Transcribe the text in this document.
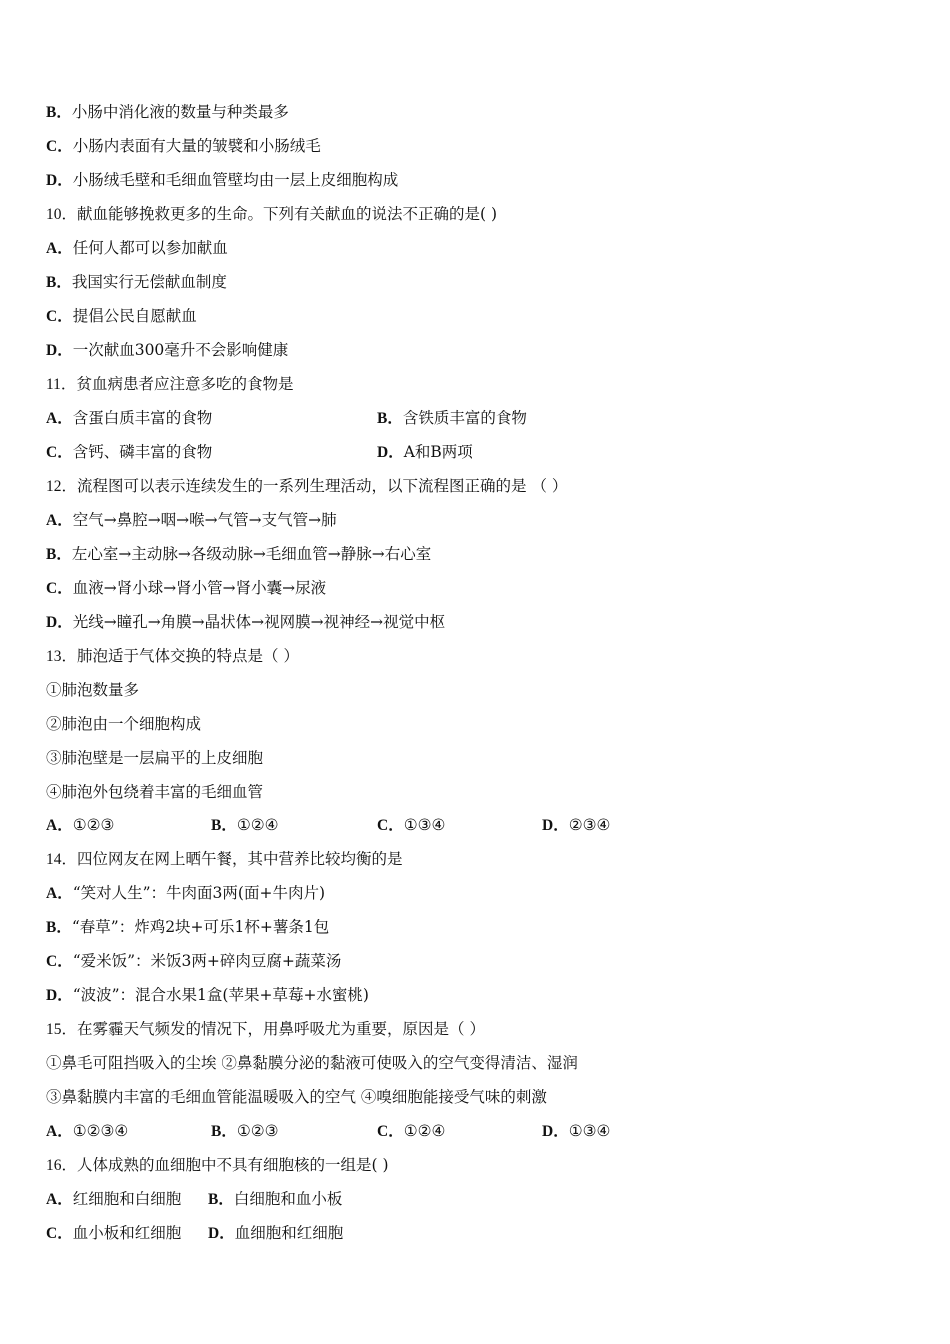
B．小肠中消化液的数量与种类最多
C．小肠内表面有大量的皱襞和小肠绒毛
D．小肠绒毛壁和毛细血管壁均由一层上皮细胞构成
10．献血能够挽救更多的生命。下列有关献血的说法不正确的是( )
A．任何人都可以参加献血
B．我国实行无偿献血制度
C．提倡公民自愿献血
D．一次献血300毫升不会影响健康
11．贫血病患者应注意多吃的食物是
A．含蛋白质丰富的食物	B．含铁质丰富的食物
C．含钙、磷丰富的食物	D．A和B两项
12．流程图可以表示连续发生的一系列生理活动，以下流程图正确的是 （ ）
A．空气→鼻腔→咽→喉→气管→支气管→肺
B．左心室→主动脉→各级动脉→毛细血管→静脉→右心室
C．血液→肾小球→肾小管→肾小囊→尿液
D．光线→瞳孔→角膜→晶状体→视网膜→视神经→视觉中枢
13．肺泡适于气体交换的特点是（ ）
①肺泡数量多
②肺泡由一个细胞构成
③肺泡壁是一层扁平的上皮细胞
④肺泡外包绕着丰富的毛细血管
A．①②③	B．①②④	C．①③④	D．②③④
14．四位网友在网上晒午餐，其中营养比较均衡的是
A．“笑对人生”：牛肉面3两(面+牛肉片)
B．“春草”：炸鸡2块+可乐1杯+薯条1包
C．“爱米饭”：米饭3两+碎肉豆腐+蔬菜汤
D．“波波”：混合水果1盒(苹果+草莓+水蜜桃)
15．在雾霾天气频发的情况下，用鼻呼吸尤为重要，原因是（ ）
①鼻毛可阻挡吸入的尘埃 ②鼻黏膜分泌的黏液可使吸入的空气变得清洁、湿润
③鼻黏膜内丰富的毛细血管能温暖吸入的空气 ④嗅细胞能接受气味的刺激
A．①②③④	B．①②③	C．①②④	D．①③④
16．人体成熟的血细胞中不具有细胞核的一组是( )
A．红细胞和白细胞 B．白细胞和血小板
C．血小板和红细胞 D．血细胞和红细胞
